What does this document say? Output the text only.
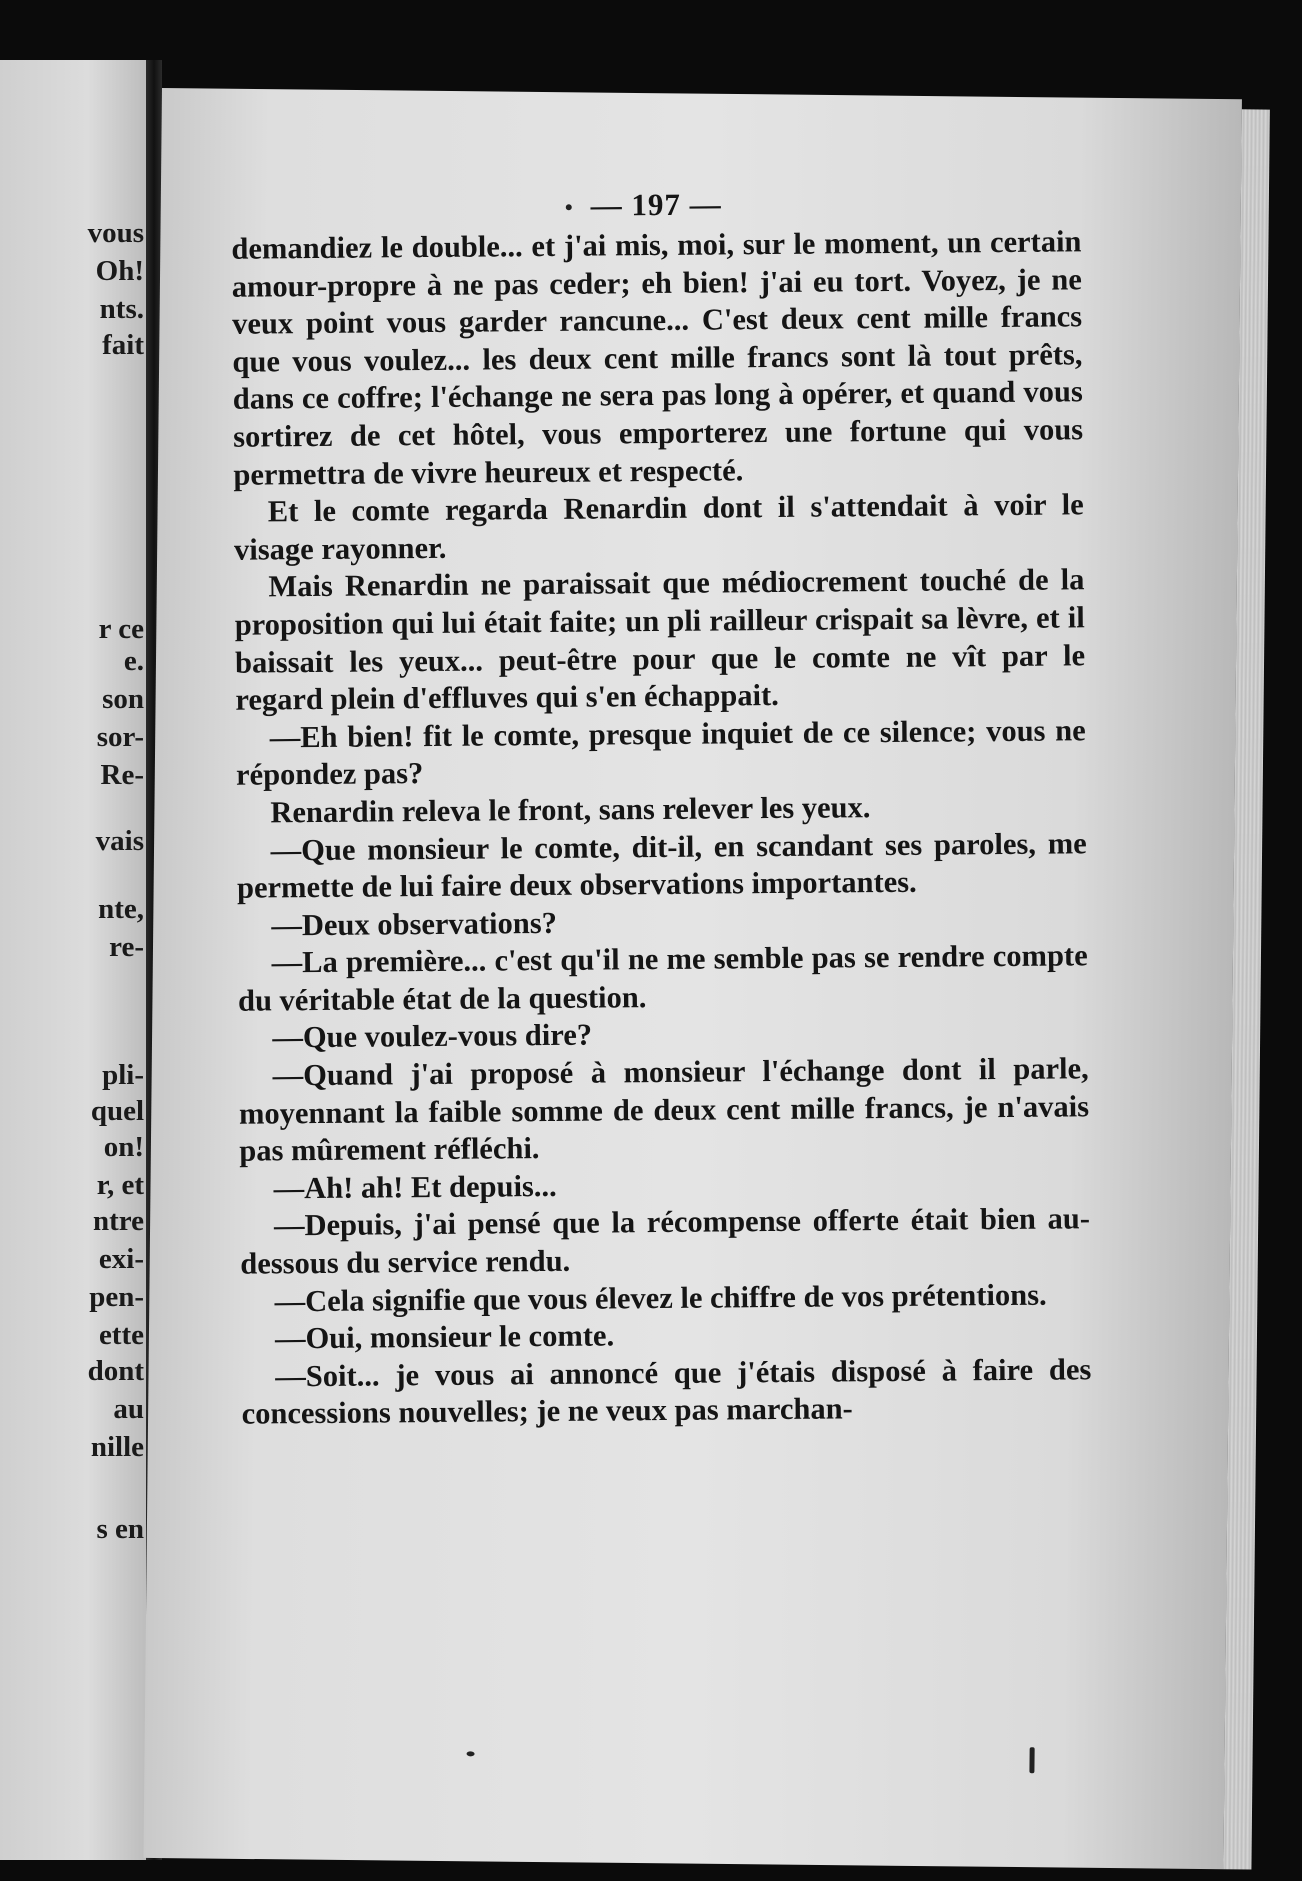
vous
Oh!
nts.
fait
r ce
e.
son
sor-
Re-
vais
nte,
re-
pli-
quel
on!
r, et
ntre
exi-
pen-
ette
dont
au
nille
s en
— 197 —

demandiez le double... et j'ai mis, moi, sur le moment, un certain amour-propre à ne pas ceder; eh bien! j'ai eu tort. Voyez, je ne veux point vous garder rancune... C'est deux cent mille francs que vous voulez... les deux cent mille francs sont là tout prêts, dans ce coffre; l'échange ne sera pas long à opérer, et quand vous sortirez de cet hôtel, vous emporterez une fortune qui vous permettra de vivre heureux et respecté.

Et le comte regarda Renardin dont il s'attendait à voir le visage rayonner.

Mais Renardin ne paraissait que médiocrement touché de la proposition qui lui était faite; un pli railleur crispait sa lèvre, et il baissait les yeux... peut-être pour que le comte ne vît par le regard plein d'effluves qui s'en échappait.

—Eh bien! fit le comte, presque inquiet de ce silence; vous ne répondez pas?

Renardin releva le front, sans relever les yeux.

—Que monsieur le comte, dit-il, en scandant ses paroles, me permette de lui faire deux observations importantes.

—Deux observations?

—La première... c'est qu'il ne me semble pas se rendre compte du véritable état de la question.

—Que voulez-vous dire?

—Quand j'ai proposé à monsieur l'échange dont il parle, moyennant la faible somme de deux cent mille francs, je n'avais pas mûrement réfléchi.

—Ah! ah! Et depuis...

—Depuis, j'ai pensé que la récompense offerte était bien au-dessous du service rendu.

—Cela signifie que vous élevez le chiffre de vos prétentions.

—Oui, monsieur le comte.

—Soit... je vous ai annoncé que j'étais disposé à faire des concessions nouvelles; je ne veux pas marchan-
